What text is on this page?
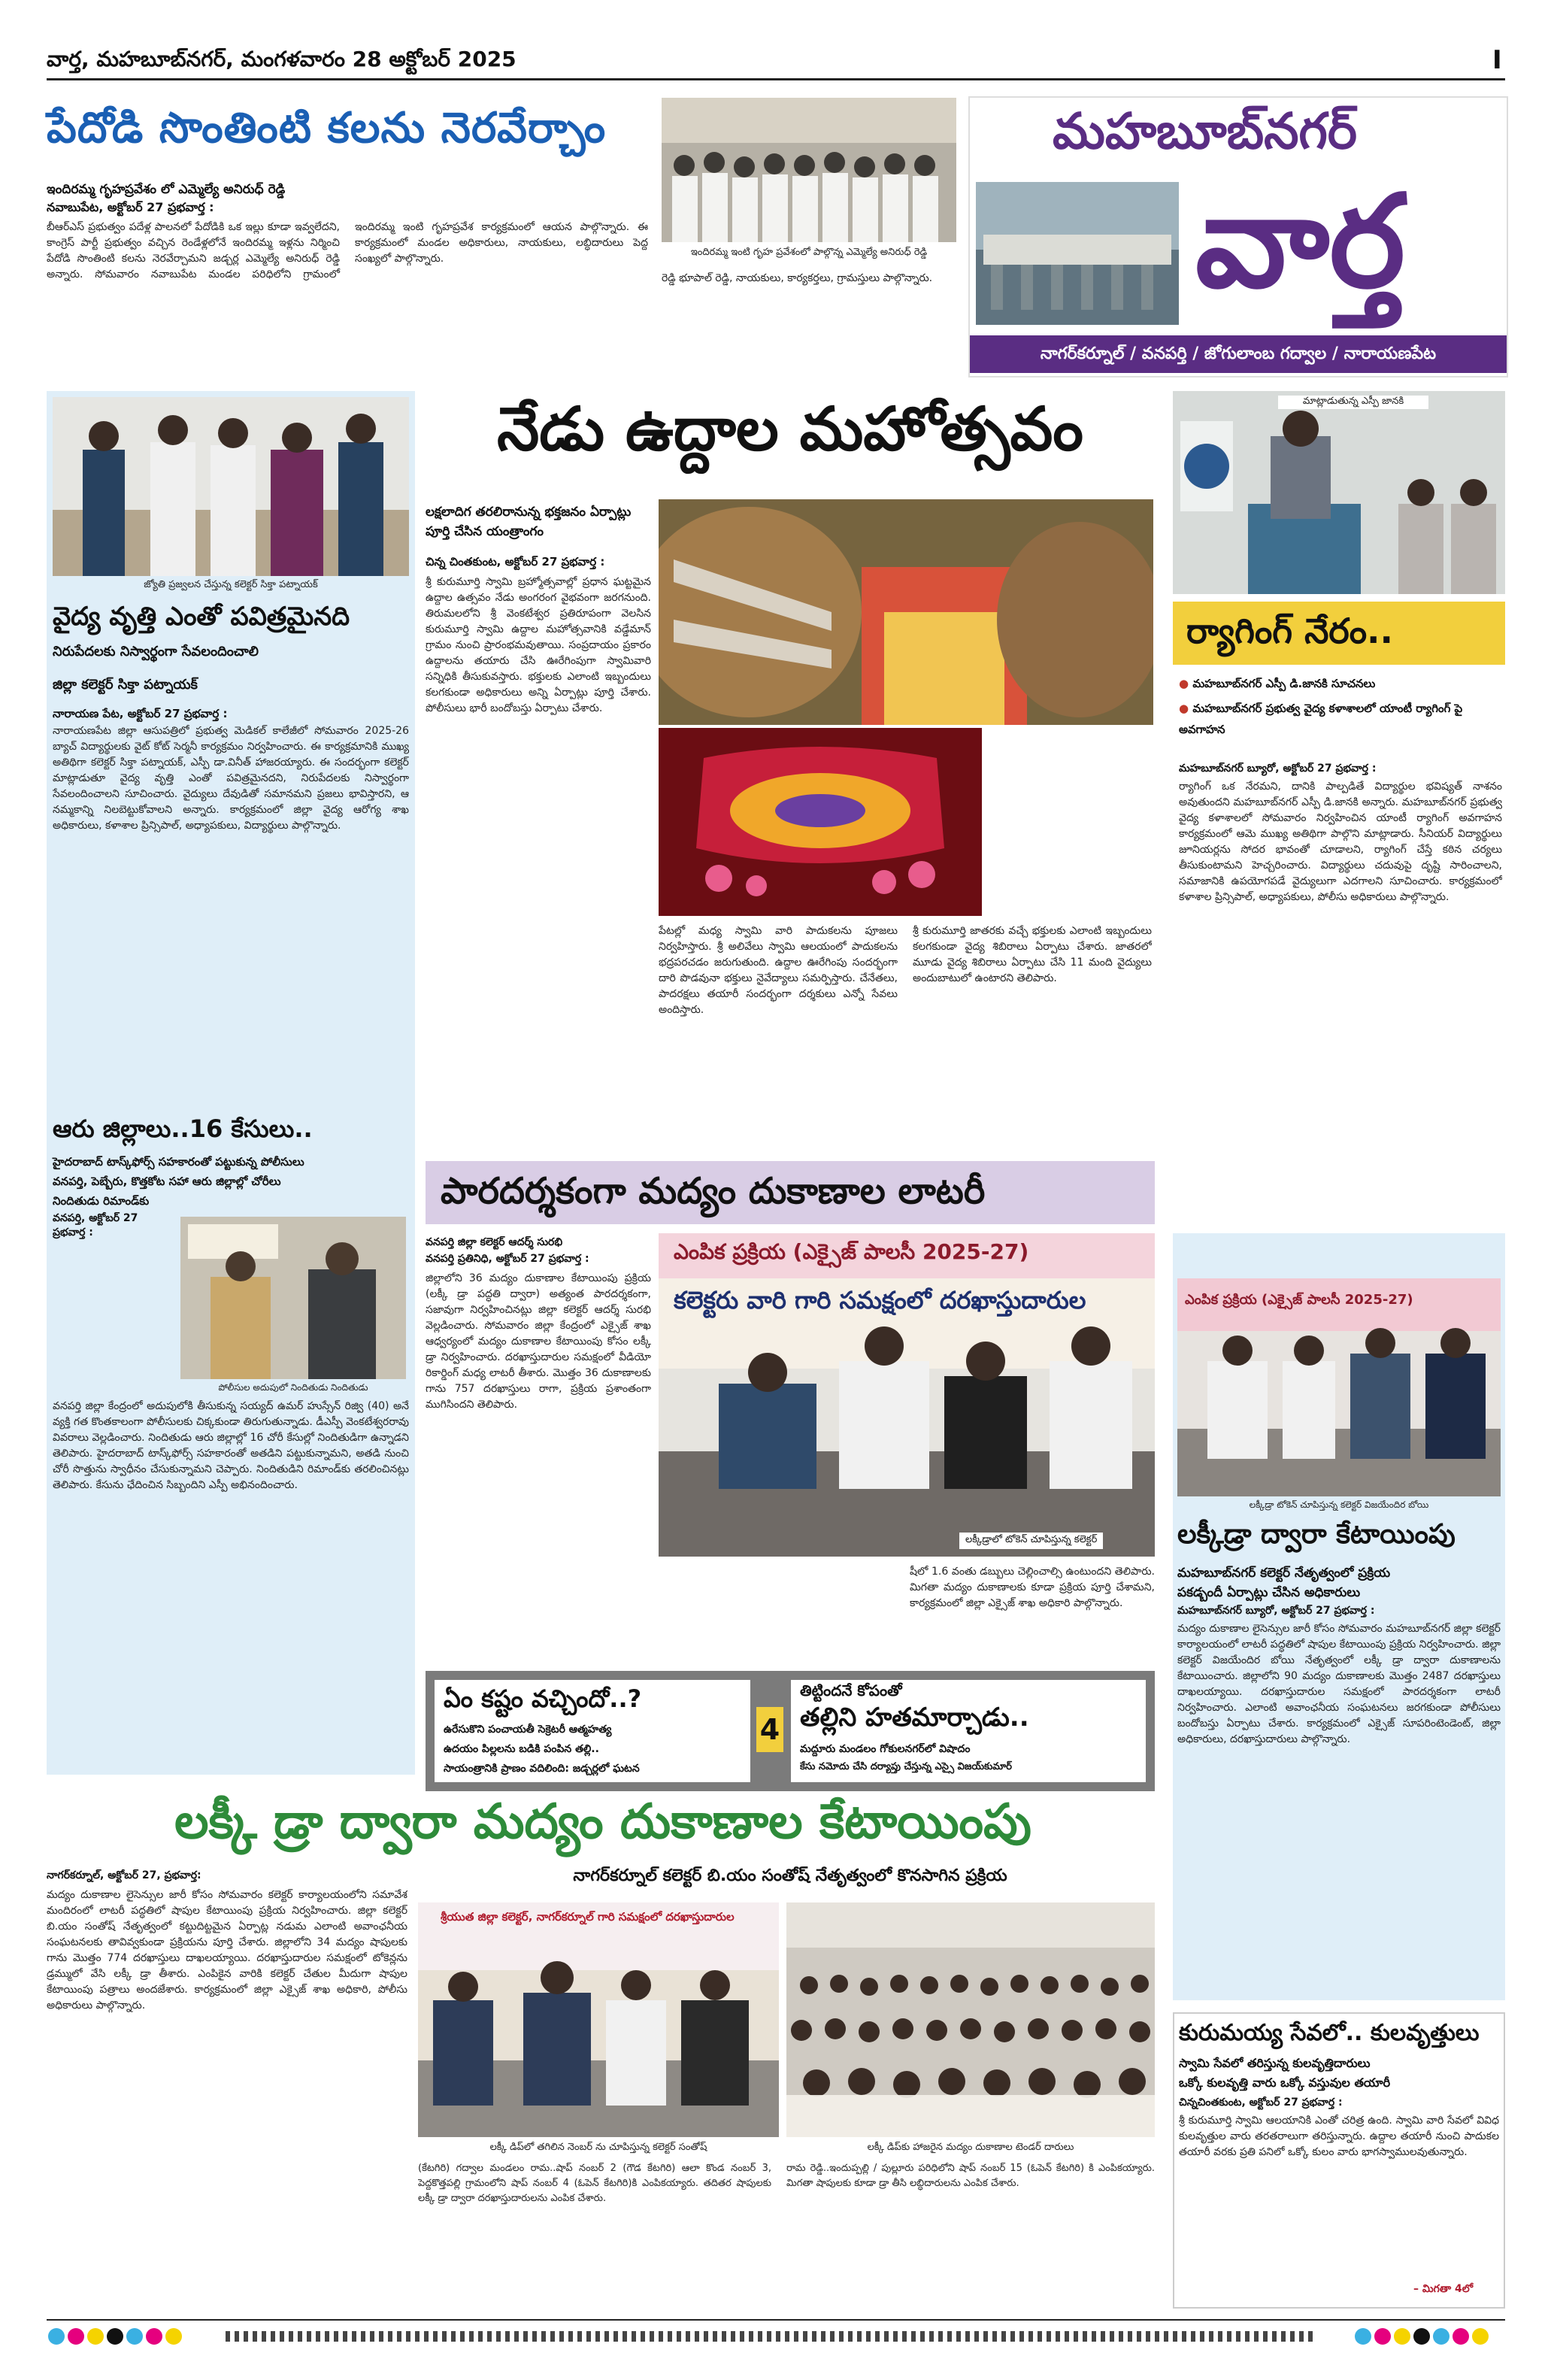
వార్త, మహబూబ్‌నగర్, మంగళవారం 28 అక్టోబర్ 2025	I
పేదోడి సొంతింటి కలను నెరవేర్చాం
ఇందిరమ్మ గృహప్రవేశం లో ఎమ్మెల్యే అనిరుధ్ రెడ్డి
నవాబుపేట, అక్టోబర్ 27 ప్రభవార్త :
బీఆర్‌ఎస్ ప్రభుత్వం పదేళ్ల పాలనలో పేదోడికి ఒక ఇల్లు కూడా ఇవ్వలేదని, కాంగ్రెస్ పార్టీ ప్రభుత్వం వచ్చిన రెండేళ్లలోనే ఇందిరమ్మ ఇళ్లను నిర్మించి పేదోడి సొంతింటి కలను నెరవేర్చామని జడ్చర్ల ఎమ్మెల్యే అనిరుధ్ రెడ్డి అన్నారు. సోమవారం నవాబుపేట మండల పరిధిలోని గ్రామంలో ఇందిరమ్మ ఇంటి గృహప్రవేశ కార్యక్రమంలో ఆయన పాల్గొన్నారు. ఈ కార్యక్రమంలో మండల అధికారులు, నాయకులు, లబ్ధిదారులు పెద్ద సంఖ్యలో పాల్గొన్నారు.
ఇందిరమ్మ ఇంటి గృహ ప్రవేశంలో పాల్గొన్న ఎమ్మెల్యే అనిరుధ్ రెడ్డి
రెడ్డి భూపాల్ రెడ్డి, నాయకులు, కార్యకర్తలు, గ్రామస్తులు పాల్గొన్నారు.
మహబూబ్‌నగర్
వార్త
నాగర్‌కర్నూల్ / వనపర్తి / జోగులాంబ గద్వాల / నారాయణపేట
జ్యోతి ప్రజ్వలన చేస్తున్న కలెక్టర్ సిక్తా పట్నాయక్
వైద్య వృత్తి ఎంతో పవిత్రమైనది
నిరుపేదలకు నిస్వార్థంగా సేవలందించాలి
జిల్లా కలెక్టర్ సిక్తా పట్నాయక్
నారాయణ పేట, అక్టోబర్ 27 ప్రభవార్త :
నారాయణపేట జిల్లా ఆసుపత్రిలో ప్రభుత్వ మెడికల్ కాలేజీలో సోమవారం 2025-26 బ్యాచ్ విద్యార్థులకు వైట్ కోట్ సెర్మనీ కార్యక్రమం నిర్వహించారు. ఈ కార్యక్రమానికి ముఖ్య అతిథిగా కలెక్టర్ సిక్తా పట్నాయక్, ఎస్పీ డా.వినీత్ హాజరయ్యారు. ఈ సందర్భంగా కలెక్టర్ మాట్లాడుతూ వైద్య వృత్తి ఎంతో పవిత్రమైనదని, నిరుపేదలకు నిస్వార్థంగా సేవలందించాలని సూచించారు. వైద్యులు దేవుడితో సమానమని ప్రజలు భావిస్తారని, ఆ నమ్మకాన్ని నిలబెట్టుకోవాలని అన్నారు. కార్యక్రమంలో జిల్లా వైద్య ఆరోగ్య శాఖ అధికారులు, కళాశాల ప్రిన్సిపాల్, అధ్యాపకులు, విద్యార్థులు పాల్గొన్నారు.
ఆరు జిల్లాలు..16 కేసులు..
హైదరాబాద్ టాస్క్‌ఫోర్స్ సహకారంతో పట్టుకున్న పోలీసులు
వనపర్తి, పెబ్బేరు, కొత్తకోట సహా ఆరు జిల్లాల్లో చోరీలు
నిందితుడు రిమాండ్‌కు
వనపర్తి, అక్టోబర్ 27 ప్రభవార్త :
పోలీసుల అదుపులో నిందితుడు నిందితుడు
వనపర్తి జిల్లా కేంద్రంలో అదుపులోకి తీసుకున్న సయ్యద్ ఉమర్ హుస్సేన్ రిజ్వి (40) అనే వ్యక్తి గత కొంతకాలంగా పోలీసులకు చిక్కకుండా తిరుగుతున్నాడు. డీఎస్పీ వెంకటేశ్వరరావు వివరాలు వెల్లడించారు. నిందితుడు ఆరు జిల్లాల్లో 16 చోరీ కేసుల్లో నిందితుడిగా ఉన్నాడని తెలిపారు. హైదరాబాద్ టాస్క్‌ఫోర్స్ సహకారంతో అతడిని పట్టుకున్నామని, అతడి నుంచి చోరీ సొత్తును స్వాధీనం చేసుకున్నామని చెప్పారు. నిందితుడిని రిమాండ్‌కు తరలించినట్లు తెలిపారు. కేసును ఛేదించిన సిబ్బందిని ఎస్పీ అభినందించారు.
నేడు ఉద్దాల మహోత్సవం
లక్షలాదిగ తరలిరానున్న భక్తజనం ఏర్పాట్లు పూర్తి చేసిన యంత్రాంగం
చిన్న చింతకుంట, అక్టోబర్ 27 ప్రభవార్త :
శ్రీ కురుమూర్తి స్వామి బ్రహ్మోత్సవాల్లో ప్రధాన ఘట్టమైన ఉద్దాల ఉత్సవం నేడు అంగరంగ వైభవంగా జరగనుంది. తిరుమలలోని శ్రీ వెంకటేశ్వర ప్రతిరూపంగా వెలసిన కురుమూర్తి స్వామి ఉద్దాల మహోత్సవానికి వడ్డేమాన్ గ్రామం నుంచి ప్రారంభమవుతాయి. సంప్రదాయం ప్రకారం ఉద్దాలను తయారు చేసి ఊరేగింపుగా స్వామివారి సన్నిధికి తీసుకువస్తారు. భక్తులకు ఎలాంటి ఇబ్బందులు కలగకుండా అధికారులు అన్ని ఏర్పాట్లు పూర్తి చేశారు. పోలీసులు భారీ బందోబస్తు ఏర్పాటు చేశారు.
పేటల్లో మధ్య స్వామి వారి పాదుకలను పూజలు నిర్వహిస్తారు. శ్రీ అలివేలు స్వామి ఆలయంలో పాదుకలను భద్రపరచడం జరుగుతుంది. ఉద్దాల ఊరేగింపు సందర్భంగా దారి పొడవునా భక్తులు నైవేద్యాలు సమర్పిస్తారు. చేనేతలు, పాదరక్షలు తయారీ సందర్భంగా దర్శకులు ఎన్నో సేవలు అందిస్తారు.
శ్రీ కురుమూర్తి జాతరకు వచ్చే భక్తులకు ఎలాంటి ఇబ్బందులు కలగకుండా వైద్య శిబిరాలు ఏర్పాటు చేశారు. జాతరలో మూడు వైద్య శిబిరాలు ఏర్పాటు చేసి 11 మంది వైద్యులు అందుబాటులో ఉంటారని తెలిపారు.
మాట్లాడుతున్న ఎస్పీ జానకి
ర్యాగింగ్ నేరం..
● మహబూబ్‌నగర్ ఎస్పీ డి.జానకి సూచనలు
● మహబూబ్‌నగర్ ప్రభుత్వ వైద్య కళాశాలలో యాంటీ ర్యాగింగ్ పై అవగాహన
మహబూబ్‌నగర్ బ్యూరో, అక్టోబర్ 27 ప్రభవార్త :
ర్యాగింగ్ ఒక నేరమని, దానికి పాల్పడితే విద్యార్థుల భవిష్యత్ నాశనం అవుతుందని మహబూబ్‌నగర్ ఎస్పీ డి.జానకి అన్నారు. మహబూబ్‌నగర్ ప్రభుత్వ వైద్య కళాశాలలో సోమవారం నిర్వహించిన యాంటీ ర్యాగింగ్ అవగాహన కార్యక్రమంలో ఆమె ముఖ్య అతిథిగా పాల్గొని మాట్లాడారు. సీనియర్ విద్యార్థులు జూనియర్లను సోదర భావంతో చూడాలని, ర్యాగింగ్ చేస్తే కఠిన చర్యలు తీసుకుంటామని హెచ్చరించారు. విద్యార్థులు చదువుపై దృష్టి సారించాలని, సమాజానికి ఉపయోగపడే వైద్యులుగా ఎదగాలని సూచించారు. కార్యక్రమంలో కళాశాల ప్రిన్సిపాల్, అధ్యాపకులు, పోలీసు అధికారులు పాల్గొన్నారు.
పారదర్శకంగా మద్యం దుకాణాల లాటరీ
వనపర్తి జిల్లా కలెక్టర్ ఆదర్శ్ సురభి
వనపర్తి ప్రతినిధి, అక్టోబర్ 27 ప్రభవార్త :
జిల్లాలోని 36 మద్యం దుకాణాల కేటాయింపు ప్రక్రియ (లక్కీ డ్రా పద్ధతి ద్వారా) అత్యంత పారదర్శకంగా, సజావుగా నిర్వహించినట్లు జిల్లా కలెక్టర్ ఆదర్శ్ సురభి వెల్లడించారు. సోమవారం జిల్లా కేంద్రంలో ఎక్సైజ్ శాఖ ఆధ్వర్యంలో మద్యం దుకాణాల కేటాయింపు కోసం లక్కీ డ్రా నిర్వహించారు. దరఖాస్తుదారుల సమక్షంలో వీడియో రికార్డింగ్ మధ్య లాటరీ తీశారు. మొత్తం 36 దుకాణాలకు గాను 757 దరఖాస్తులు రాగా, ప్రక్రియ ప్రశాంతంగా ముగిసిందని తెలిపారు.
ఎంపిక ప్రక్రియ (ఎక్సైజ్ పాలసీ 2025-27)
కలెక్టరు వారి గారి సమక్షంలో దరఖాస్తుదారుల
లక్కీడ్రాలో టోకెన్ చూపిస్తున్న కలెక్టర్
షీలో 1.6 వంతు డబ్బులు చెల్లించాల్సి ఉంటుందని తెలిపారు. మిగతా మద్యం దుకాణాలకు కూడా ప్రక్రియ పూర్తి చేశామని, కార్యక్రమంలో జిల్లా ఎక్సైజ్ శాఖ అధికారి పాల్గొన్నారు.
ఎంపిక ప్రక్రియ (ఎక్సైజ్ పాలసీ 2025-27)
లక్కీడ్రా టోకెన్ చూపిస్తున్న కలెక్టర్ విజయేందిర బోయి
లక్కీడ్రా ద్వారా కేటాయింపు
మహబూబ్‌నగర్ కలెక్టర్ నేతృత్వంలో ప్రక్రియ
పకడ్బందీ ఏర్పాట్లు చేసిన అధికారులు
మహబూబ్‌నగర్ బ్యూరో, అక్టోబర్ 27 ప్రభవార్త :
మద్యం దుకాణాల లైసెన్సుల జారీ కోసం సోమవారం మహబూబ్‌నగర్ జిల్లా కలెక్టర్ కార్యాలయంలో లాటరీ పద్ధతిలో షాపుల కేటాయింపు ప్రక్రియ నిర్వహించారు. జిల్లా కలెక్టర్ విజయేందిర బోయి నేతృత్వంలో లక్కీ డ్రా ద్వారా దుకాణాలను కేటాయించారు. జిల్లాలోని 90 మద్యం దుకాణాలకు మొత్తం 2487 దరఖాస్తులు దాఖలయ్యాయి. దరఖాస్తుదారుల సమక్షంలో పారదర్శకంగా లాటరీ నిర్వహించారు. ఎలాంటి అవాంఛనీయ సంఘటనలు జరగకుండా పోలీసులు బందోబస్తు ఏర్పాటు చేశారు. కార్యక్రమంలో ఎక్సైజ్ సూపరింటెండెంట్, జిల్లా అధికారులు, దరఖాస్తుదారులు పాల్గొన్నారు.
ఏం కష్టం వచ్చిందో..?
ఉరేసుకొని పంచాయతీ సెక్రెటరీ ఆత్మహత్య
ఉదయం పిల్లలను బడికి పంపిన తల్లి..
సాయంత్రానికి ప్రాణం వదిలింది: జడ్చర్లలో ఘటన
4
తిట్టిందనే కోపంతో
తల్లిని హతమార్చాడు..
మద్దూరు మండలం గోకులనగర్‌లో విషాదం
కేసు నమోదు చేసి దర్యాప్తు చేస్తున్న ఎస్సై విజయ్‌కుమార్
లక్కీ డ్రా ద్వారా మద్యం దుకాణాల కేటాయింపు
నాగర్‌కర్నూల్ కలెక్టర్ బి.యం సంతోష్ నేతృత్వంలో కొనసాగిన ప్రక్రియ
నాగర్‌కర్నూల్, అక్టోబర్ 27, ప్రభవార్త:
మద్యం దుకాణాల లైసెన్సుల జారీ కోసం సోమవారం కలెక్టర్ కార్యాలయంలోని సమావేశ మందిరంలో లాటరీ పద్ధతిలో షాపుల కేటాయింపు ప్రక్రియ నిర్వహించారు. జిల్లా కలెక్టర్ బి.యం సంతోష్ నేతృత్వంలో కట్టుదిట్టమైన ఏర్పాట్ల నడుమ ఎలాంటి అవాంఛనీయ సంఘటనలకు తావివ్వకుండా ప్రక్రియను పూర్తి చేశారు. జిల్లాలోని 34 మద్యం షాపులకు గాను మొత్తం 774 దరఖాస్తులు దాఖలయ్యాయి. దరఖాస్తుదారుల సమక్షంలో టోకెన్లను డ్రమ్ములో వేసి లక్కీ డ్రా తీశారు. ఎంపికైన వారికి కలెక్టర్ చేతుల మీదుగా షాపుల కేటాయింపు పత్రాలు అందజేశారు. కార్యక్రమంలో జిల్లా ఎక్సైజ్ శాఖ అధికారి, పోలీసు అధికారులు పాల్గొన్నారు.
శ్రీయుత జిల్లా కలెక్టర్, నాగర్‌కర్నూల్ గారి సమక్షంలో దరఖాస్తుదారుల
లక్కీ డిప్‌లో తగిలిన నెంబర్‌ ను చూపిస్తున్న కలెక్టర్ సంతోష్	లక్కీ డిప్‌కు హాజరైన మద్యం దుకాణాల టెండర్ దారులు
(కేటగిరి) గద్వాల మండలం రామ..షాప్ నంబర్ 2 (గౌడ కేటగిరి) ఆలా కొండ నంబర్ 3, పెద్దకొత్తపల్లి గ్రామంలోని షాప్ నంబర్ 4 (ఓపెన్ కేటగిరి)కి ఎంపికయ్యారు. తదితర షాపులకు లక్కీ డ్రా ద్వారా దరఖాస్తుదారులను ఎంపిక చేశారు.
రామ రెడ్డి..ఇందుప్పల్లి / పుల్లూరు పరిధిలోని షాప్ నంబర్ 15 (ఓపెన్ కేటగిరి) కి ఎంపికయ్యారు. మిగతా షాపులకు కూడా డ్రా తీసి లబ్ధిదారులను ఎంపిక చేశారు.
కురుమయ్య సేవలో.. కులవృత్తులు
స్వామి సేవలో తరిస్తున్న కులవృత్తిదారులు
ఒక్కో కులవృత్తి వారు ఒక్కో వస్తువుల తయారీ
చిన్నచింతకుంట, అక్టోబర్ 27 ప్రభవార్త :
శ్రీ కురుమూర్తి స్వామి ఆలయానికి ఎంతో చరిత్ర ఉంది. స్వామి వారి సేవలో వివిధ కులవృత్తుల వారు తరతరాలుగా తరిస్తున్నారు. ఉద్దాల తయారీ నుంచి పాదుకల తయారీ వరకు ప్రతి పనిలో ఒక్కో కులం వారు భాగస్వాములవుతున్నారు.
– మిగతా 4లో
